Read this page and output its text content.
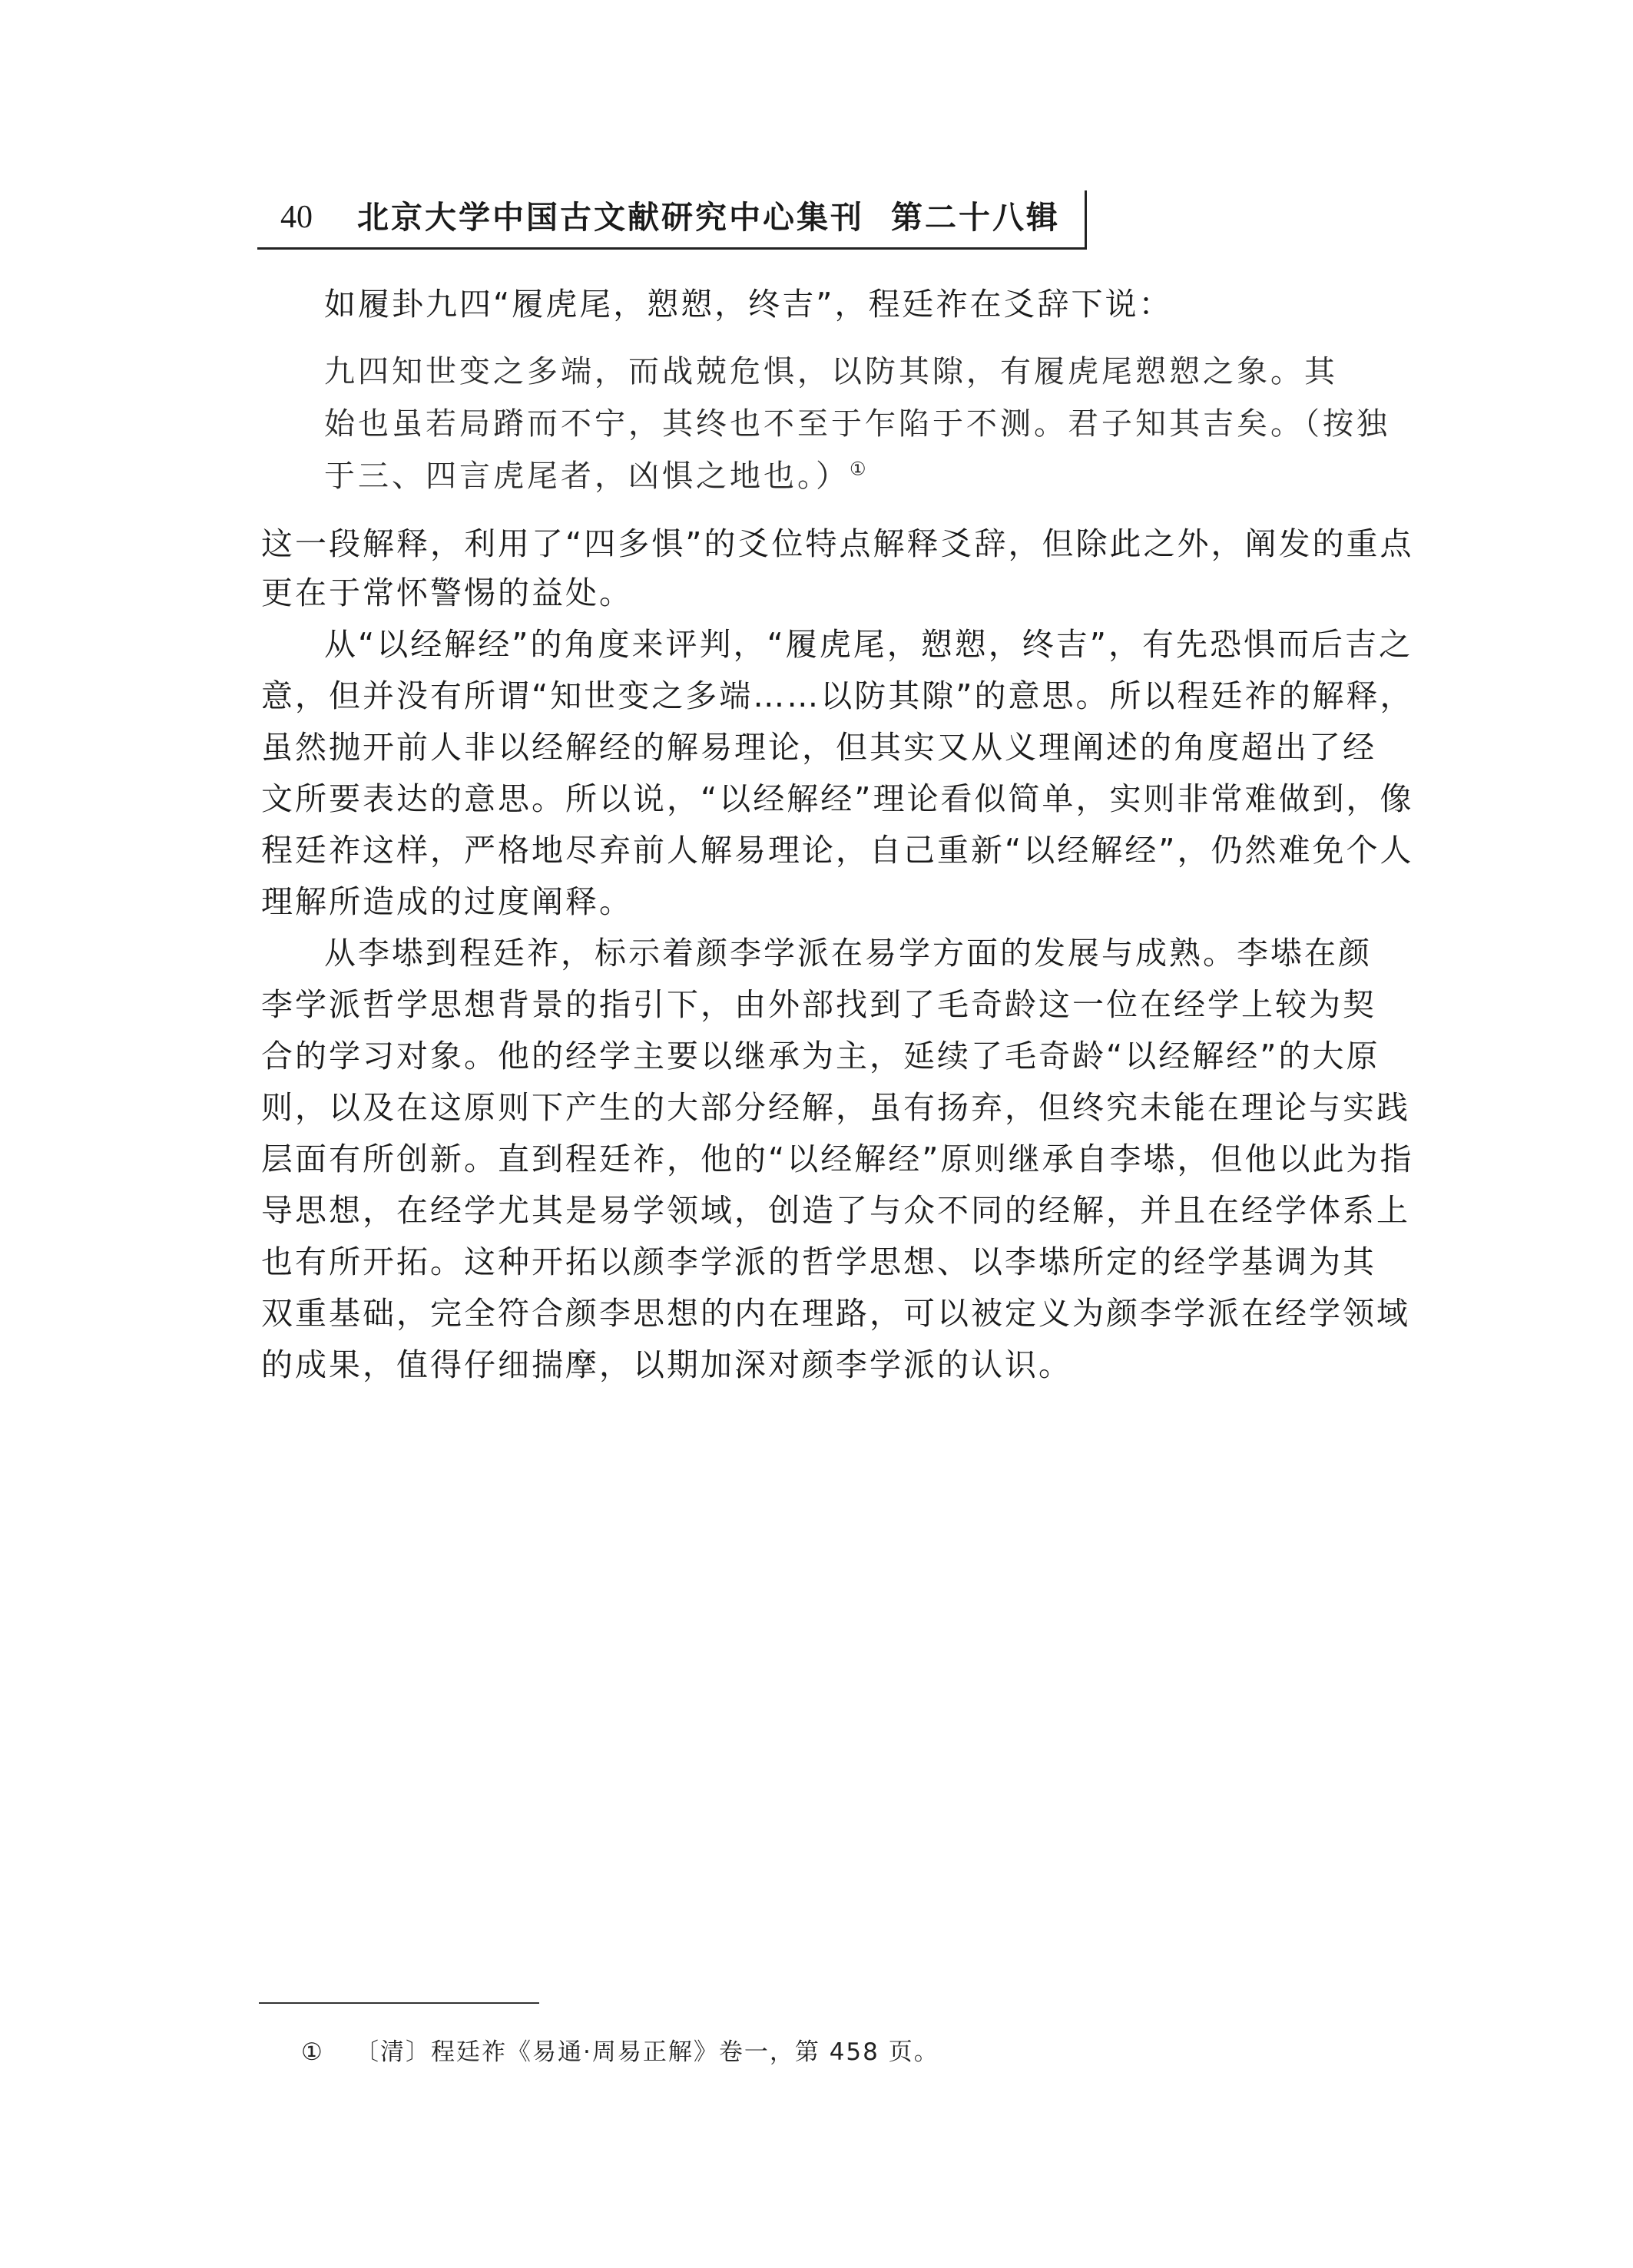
40 北京大学中国古文献研究中心集刊 第二十八辑
如履卦九四“履虎尾，愬愬，终吉”，程廷祚在爻辞下说：
九四知世变之多端，而战兢危惧，以防其隙，有履虎尾愬愬之象。其
始也虽若局蹐而不宁，其终也不至于乍陷于不测。君子知其吉矣。（按独
于三、四言虎尾者，凶惧之地也。）①
这一段解释，利用了“四多惧”的爻位特点解释爻辞，但除此之外，阐发的重点
更在于常怀警惕的益处。
从“以经解经”的角度来评判，“履虎尾，愬愬，终吉”，有先恐惧而后吉之
意，但并没有所谓“知世变之多端……以防其隙”的意思。所以程廷祚的解释，
虽然抛开前人非以经解经的解易理论，但其实又从义理阐述的角度超出了经
文所要表达的意思。所以说，“以经解经”理论看似简单，实则非常难做到，像
程廷祚这样，严格地尽弃前人解易理论，自己重新“以经解经”，仍然难免个人
理解所造成的过度阐释。
从李塨到程廷祚，标示着颜李学派在易学方面的发展与成熟。李塨在颜
李学派哲学思想背景的指引下，由外部找到了毛奇龄这一位在经学上较为契
合的学习对象。他的经学主要以继承为主，延续了毛奇龄“以经解经”的大原
则，以及在这原则下产生的大部分经解，虽有扬弃，但终究未能在理论与实践
层面有所创新。直到程廷祚，他的“以经解经”原则继承自李塨，但他以此为指
导思想，在经学尤其是易学领域，创造了与众不同的经解，并且在经学体系上
也有所开拓。这种开拓以颜李学派的哲学思想、以李塨所定的经学基调为其
双重基础，完全符合颜李思想的内在理路，可以被定义为颜李学派在经学领域
的成果，值得仔细揣摩，以期加深对颜李学派的认识。
① 〔清〕程廷祚《易通·周易正解》卷一，第 458 页。
